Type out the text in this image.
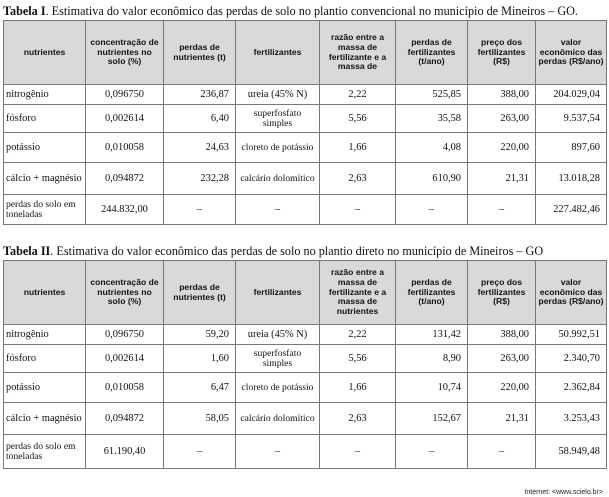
Tabela I. Estimativa do valor econômico das perdas de solo no plantio convencional no município de Mineiros – GO.
nutrientes	concentração de nutrientes no solo (%)	perdas de nutrientes (t)	fertilizantes	razão entre a massa de fertilizante e a massa de	perdas de fertilizantes (t/ano)	preço dos fertilizantes (R$)	valor econômico das perdas (R$/ano)
nitrogênio	0,096750	236,87	ureia (45% N)	2,22	525,85	388,00	204.029,04
fósforo	0,002614	6,40	superfosfato simples	5,56	35,58	263,00	9.537,54
potássio	0,010058	24,63	cloreto de potássio	1,66	4,08	220,00	897,60
cálcio + magnésio	0,094872	232,28	calcário dolomítico	2,63	610,90	21,31	13.018,28
perdas do solo em toneladas	244.832,00	–	–	–	–	–	227.482,46
Tabela II. Estimativa do valor econômico das perdas de solo no plantio direto no município de Mineiros – GO
nutrientes	concentração de nutrientes no solo (%)	perdas de nutrientes (t)	fertilizantes	razão entre a massa de fertilizante e a massa de nutrientes	perdas de fertilizantes (t/ano)	preço dos fertilizantes (R$)	valor econômico das perdas (R$/ano)
nitrogênio	0,096750	59,20	ureia (45% N)	2,22	131,42	388,00	50.992,51
fósforo	0,002614	1,60	superfosfato simples	5,56	8,90	263,00	2.340,70
potássio	0,010058	6,47	cloreto de potássio	1,66	10,74	220,00	2.362,84
cálcio + magnésio	0,094872	58,05	calcário dolomítico	2,63	152,67	21,31	3.253,43
perdas do solo em toneladas	61.190,40	–	–	–	–	–	58.949,48
Internet: <www.scielo.br>
